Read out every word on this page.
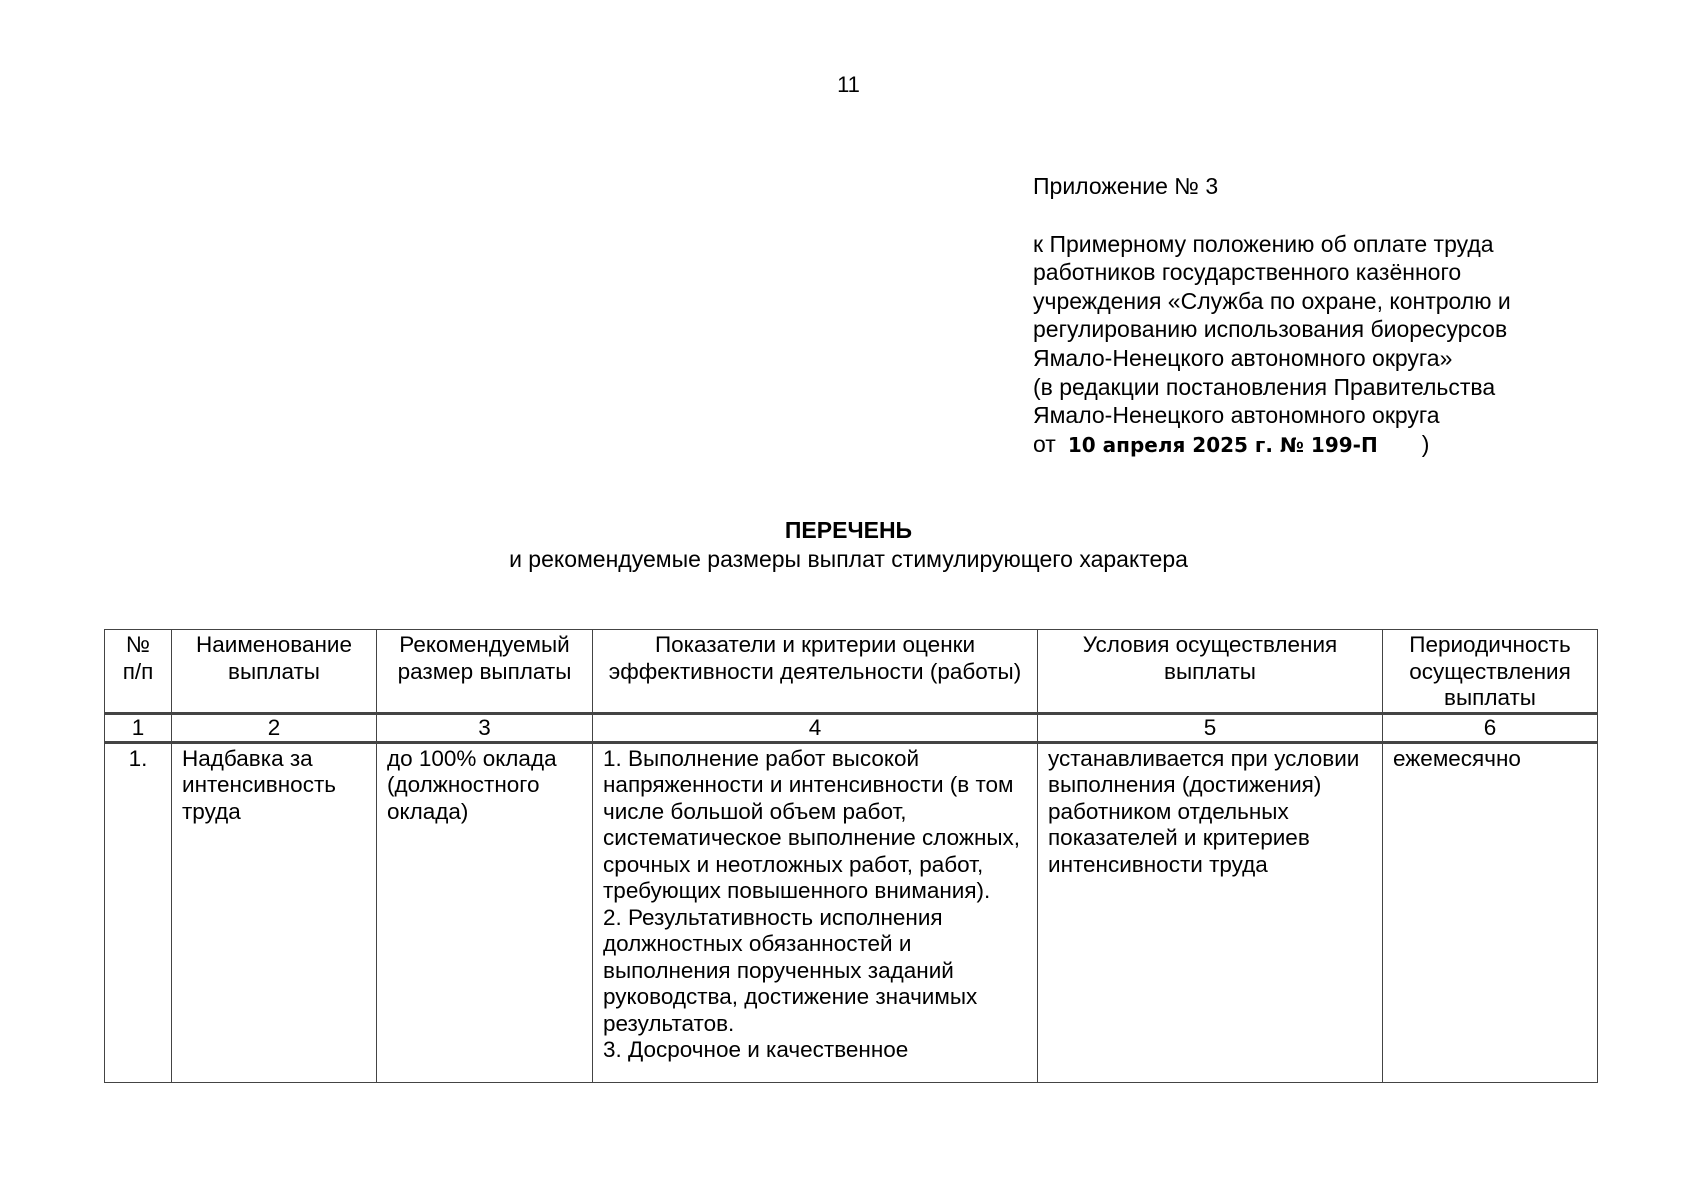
11
Приложение № 3
к Примерному положению об оплате труда
работников государственного казённого
учреждения «Служба по охране, контролю и
регулированию использования биоресурсов
Ямало-Ненецкого автономного округа»
(в редакции постановления Правительства
Ямало-Ненецкого автономного округа
от 10 апреля 2025 г. № 199-П )
ПЕРЕЧЕНЬ
и рекомендуемые размеры выплат стимулирующего характера
№ п/п	Наименование выплаты	Рекомендуемый размер выплаты	Показатели и критерии оценки эффективности деятельности (работы)	Условия осуществления выплаты	Периодичность осуществления выплаты
1	2	3	4	5	6
1.	Надбавка за интенсивность труда	до 100% оклада (должностного оклада)	1. Выполнение работ высокой напряженности и интенсивности (в том числе большой объем работ, систематическое выполнение сложных, срочных и неотложных работ, работ, требующих повышенного внимания).
2. Результативность исполнения должностных обязанностей и выполнения порученных заданий руководства, достижение значимых результатов.
3. Досрочное и качественное	устанавливается при условии выполнения (достижения) работником отдельных показателей и критериев интенсивности труда	ежемесячно
